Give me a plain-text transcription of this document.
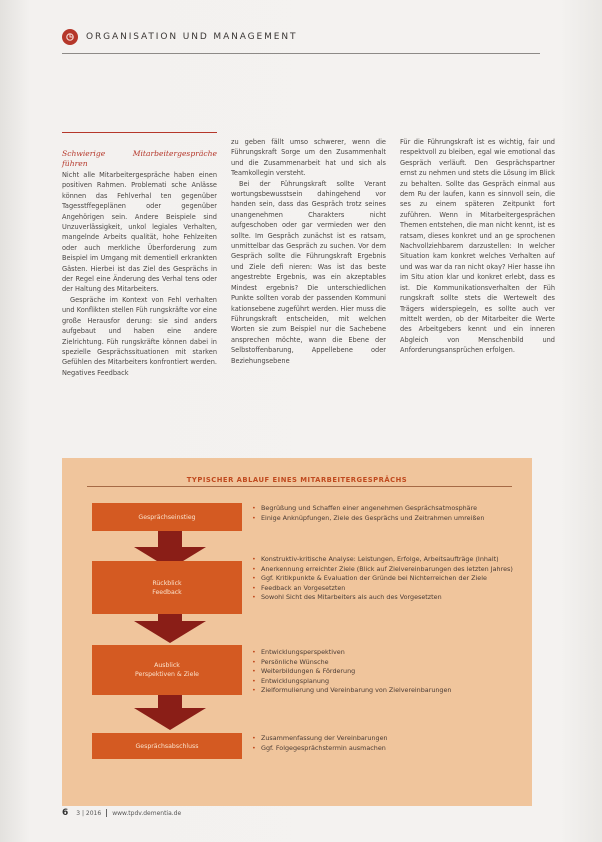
ORGANISATION UND MANAGEMENT
Schwierige Mitarbeitergespräche führen

Nicht alle Mitarbeitergespräche haben einen positiven Rahmen. Problemati sche Anlässe können das Fehlverhal ten gegenüber Tagesstffegeplänen oder gegenüber Angehörigen sein. Andere Beispiele sind Unzuverlässigkeit, unkol legiales Verhalten, mangelnde Arbeits qualität, hohe Fehlzeiten oder auch merkliche Überforderung zum Beispiel im Umgang mit dementiell erkrankten Gästen. Hierbei ist das Ziel des Gesprächs in der Regel eine Änderung des Verhal tens oder der Haltung des Mitarbeiters.

Gespräche im Kontext von Fehl verhalten und Konflikten stellen Füh rungskräfte vor eine große Herausfor derung: sie sind anders aufgebaut und haben eine andere Zielrichtung. Füh rungskräfte können dabei in spezielle Gesprächssituationen mit starken Gefühlen des Mitarbeiters konfrontiert werden. Negatives Feedback

zu geben fällt umso schwerer, wenn die Führungskraft Sorge um den Zusammenhalt und die Zusammenarbeit hat und sich als Teamkollegin versteht.

Bei der Führungskraft sollte Verant wortungsbewusstsein dahingehend vor handen sein, dass das Gespräch trotz seines unangenehmen Charakters nicht aufgeschoben oder gar vermieden wer den sollte. Im Gespräch zunächst ist es ratsam, unmittelbar das Gespräch zu suchen. Vor dem Gespräch sollte die Führungskraft Ergebnis und Ziele defi nieren: Was ist das beste angestrebte Ergebnis, was ein akzeptables Mindest ergebnis? Die unterschiedlichen Punkte sollten vorab der passenden Kommuni kationsebene zugeführt werden. Hier muss die Führungskraft entscheiden, mit welchen Worten sie zum Beispiel nur die Sachebene ansprechen möchte, wann die Ebene der Selbstoffenbarung, Appellebene oder Beziehungsebene

Für die Führungskraft ist es wichtig, fair und respektvoll zu bleiben, egal wie emotional das Gespräch verläuft. Den Gesprächspartner ernst zu nehmen und stets die Lösung im Blick zu behalten. Sollte das Gespräch einmal aus dem Ru der laufen, kann es sinnvoll sein, die ses zu einem späteren Zeitpunkt fort zuführen. Wenn in Mitarbeitergesprächen Themen entstehen, die man nicht kennt, ist es ratsam, dieses konkret und an ge sprochenen Nachvollziehbarem darzustellen: In welcher Situation kam konkret welches Verhalten auf und was war da ran nicht okay? Hier hasse ihn im Situ ation klar und konkret erlebt, dass es ist. Die Kommunikationsverhalten der Füh rungskraft sollte stets die Wertewelt des Trägers widerspiegeln, es sollte auch ver mittelt werden, ob der Mitarbeiter die Werte des Arbeitgebers kennt und ein inneren Abgleich von Menschenbild und Anforderungsansprüchen erfolgen.

TYPISCHER ABLAUF EINES MITARBEITERGESPRÄCHS
Gesprächseinstieg
• Begrüßung und Schaffen einer angenehmen Gesprächsatmosphäre
• Einige Anknüpfungen, Ziele des Gesprächs und Zeitrahmen umreißen
Rückblick
Feedback
• Konstruktiv-kritische Analyse: Leistungen, Erfolge, Arbeitsaufträge (Inhalt)
• Anerkennung erreichter Ziele (Blick auf Zielvereinbarungen des letzten Jahres)
• Ggf. Kritikpunkte & Evaluation der Gründe bei Nichterreichen der Ziele
• Feedback an Vorgesetzten
• Sowohl Sicht des Mitarbeiters als auch des Vorgesetzten
Ausblick
Perspektiven & Ziele
• Entwicklungsperspektiven
• Persönliche Wünsche
• Weiterbildungen & Förderung
• Entwicklungsplanung
• Zielformulierung und Vereinbarung von Zielvereinbarungen
Gesprächsabschluss
• Zusammenfassung der Vereinbarungen
• Ggf. Folgegesprächstermin ausmachen
6 3 | 2016 www.tpdv.dementia.de
